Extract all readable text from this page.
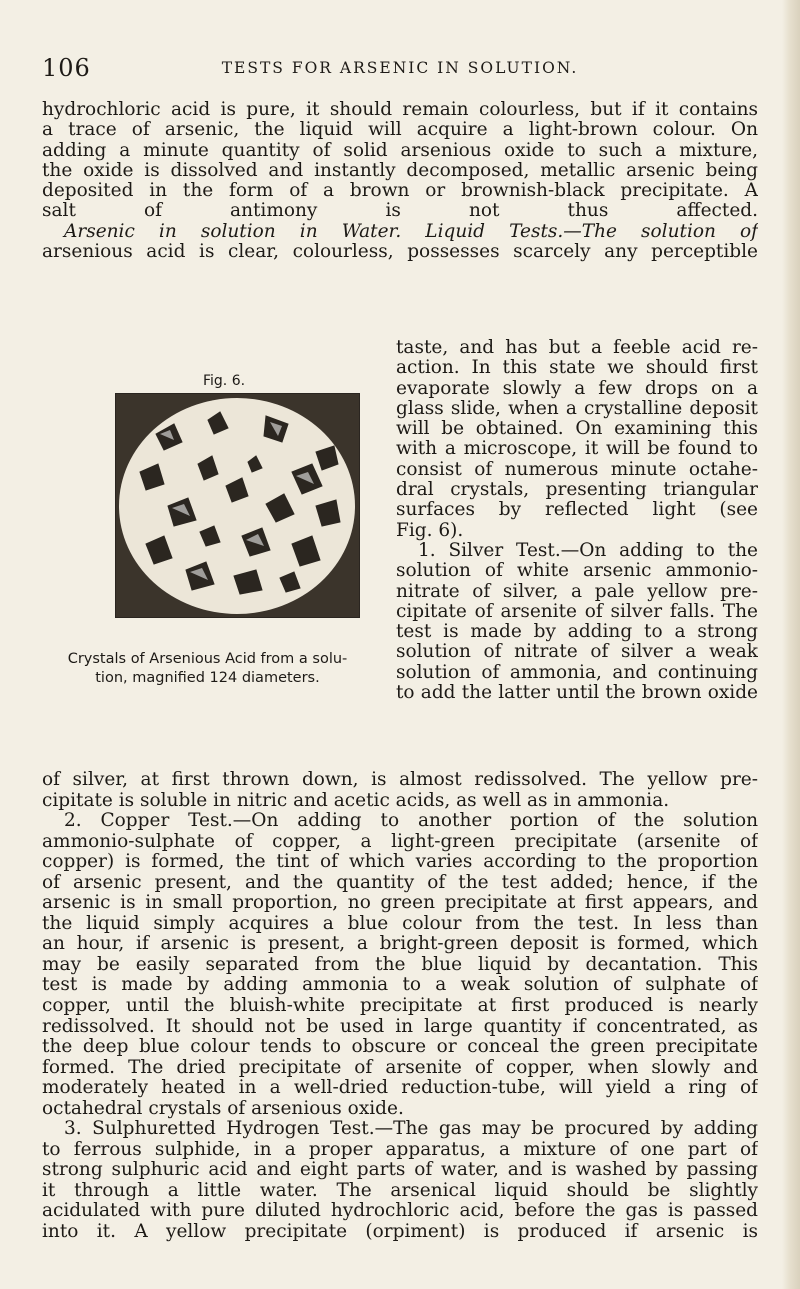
106	TESTS FOR ARSENIC IN SOLUTION.
hydrochloric acid is pure, it should remain colourless, but if it contains
a trace of arsenic, the liquid will acquire a light-brown colour. On
adding a minute quantity of solid arsenious oxide to such a mixture,
the oxide is dissolved and instantly decomposed, metallic arsenic being
deposited in the form of a brown or brownish-black precipitate. A
salt of antimony is not thus affected.
Arsenic in solution in Water. Liquid Tests.—The solution of
arsenious acid is clear, colourless, possesses scarcely any perceptible
Fig. 6.
Crystals of Arsenious Acid from a solu-
tion, magnified 124 diameters.
taste, and has but a feeble acid re-
action. In this state we should first
evaporate slowly a few drops on a
glass slide, when a crystalline deposit
will be obtained. On examining this
with a microscope, it will be found to
consist of numerous minute octahe-
dral crystals, presenting triangular
surfaces by reflected light (see
Fig. 6).
1. Silver Test.—On adding to the
solution of white arsenic ammonio-
nitrate of silver, a pale yellow pre-
cipitate of arsenite of silver falls. The
test is made by adding to a strong
solution of nitrate of silver a weak
solution of ammonia, and continuing
to add the latter until the brown oxide
of silver, at first thrown down, is almost redissolved. The yellow pre-
cipitate is soluble in nitric and acetic acids, as well as in ammonia.
2. Copper Test.—On adding to another portion of the solution
ammonio-sulphate of copper, a light-green precipitate (arsenite of
copper) is formed, the tint of which varies according to the proportion
of arsenic present, and the quantity of the test added; hence, if the
arsenic is in small proportion, no green precipitate at first appears, and
the liquid simply acquires a blue colour from the test. In less than
an hour, if arsenic is present, a bright-green deposit is formed, which
may be easily separated from the blue liquid by decantation. This
test is made by adding ammonia to a weak solution of sulphate of
copper, until the bluish-white precipitate at first produced is nearly
redissolved. It should not be used in large quantity if concentrated, as
the deep blue colour tends to obscure or conceal the green precipitate
formed. The dried precipitate of arsenite of copper, when slowly and
moderately heated in a well-dried reduction-tube, will yield a ring of
octahedral crystals of arsenious oxide.
3. Sulphuretted Hydrogen Test.—The gas may be procured by adding
to ferrous sulphide, in a proper apparatus, a mixture of one part of
strong sulphuric acid and eight parts of water, and is washed by passing
it through a little water. The arsenical liquid should be slightly
acidulated with pure diluted hydrochloric acid, before the gas is passed
into it. A yellow precipitate (orpiment) is produced if arsenic is
